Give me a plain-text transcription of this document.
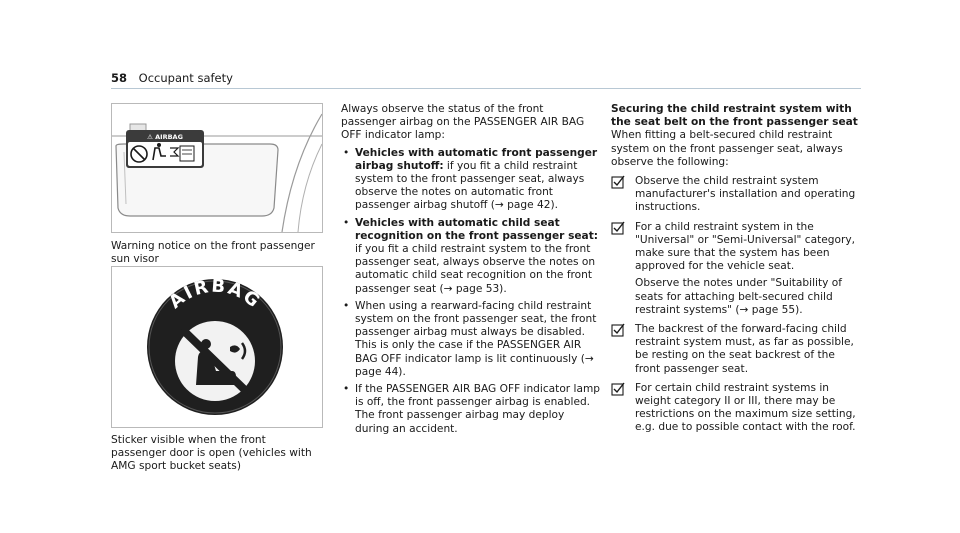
58 Occupant safety
⚠ AIRBAG
Warning notice on the front passenger sun visor
AIRBAG
Sticker visible when the front passenger door is open (vehicles with AMG sport bucket seats)

Always observe the status of the front passenger airbag on the PASSENGER AIR BAG OFF indicator lamp:

• Vehicles with automatic front passenger airbag shutoff: if you fit a child restraint system to the front passenger seat, always observe the notes on automatic front passenger airbag shutoff (→ page 42).

• Vehicles with automatic child seat recognition on the front passenger seat: if you fit a child restraint system to the front passenger seat, always observe the notes on automatic child seat recognition on the front passenger seat (→ page 53).

• When using a rearward-facing child restraint system on the front passenger seat, the front passenger airbag must always be disabled. This is only the case if the PASSENGER AIR BAG OFF indicator lamp is lit continuously (→ page 44).

• If the PASSENGER AIR BAG OFF indicator lamp is off, the front passenger airbag is enabled. The front passenger airbag may deploy during an accident.

Securing the child restraint system with the seat belt on the front passenger seat

When fitting a belt-secured child restraint system on the front passenger seat, always observe the following:

Observe the child restraint system manufacturer's installation and operating instructions.

For a child restraint system in the "Universal" or "Semi-Universal" category, make sure that the system has been approved for the vehicle seat.

Observe the notes under "Suitability of seats for attaching belt-secured child restraint systems" (→ page 55).

The backrest of the forward-facing child restraint system must, as far as possible, be resting on the seat backrest of the front passenger seat.

For certain child restraint systems in weight category II or III, there may be restrictions on the maximum size setting, e.g. due to possible contact with the roof.
